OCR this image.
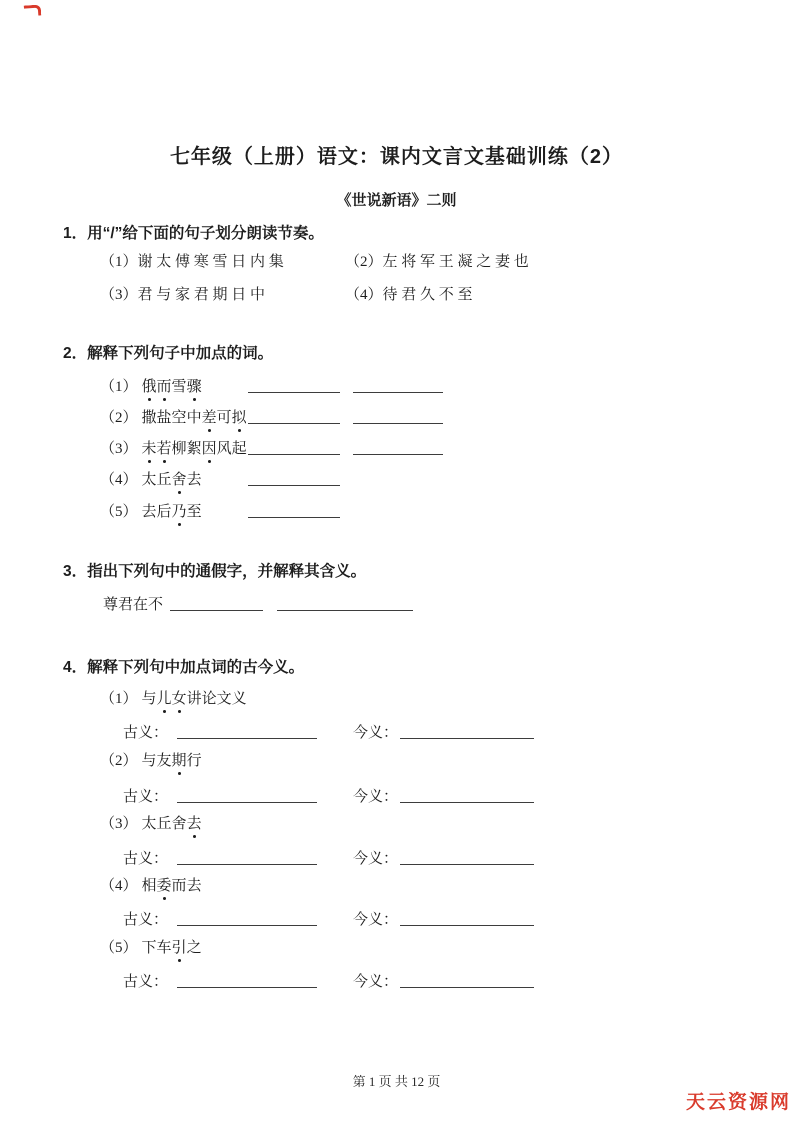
七年级（上册）语文：课内文言文基础训练（2）
《世说新语》二则
1．用“/”给下面的句子划分朗读节奏。
（1）谢 太 傅 寒 雪 日 内 集	（2）左 将 军 王 凝 之 妻 也
（3）君 与 家 君 期 日 中	（4）待 君 久 不 至
2．解释下列句子中加点的词。
（1） 俄而雪骤
（2） 撒盐空中差可拟
（3） 未若柳絮因风起
（4） 太丘舍去
（5） 去后乃至
3．指出下列句中的通假字，并解释其含义。
尊君在不
4．解释下列句中加点词的古今义。
（1） 与儿女讲论文义
古义：	今义：
（2） 与友期行
古义：	今义：
（3） 太丘舍去
古义：	今义：
（4） 相委而去
古义：	今义：
（5） 下车引之
古义：	今义：
第 1 页 共 12 页
天云资源网
